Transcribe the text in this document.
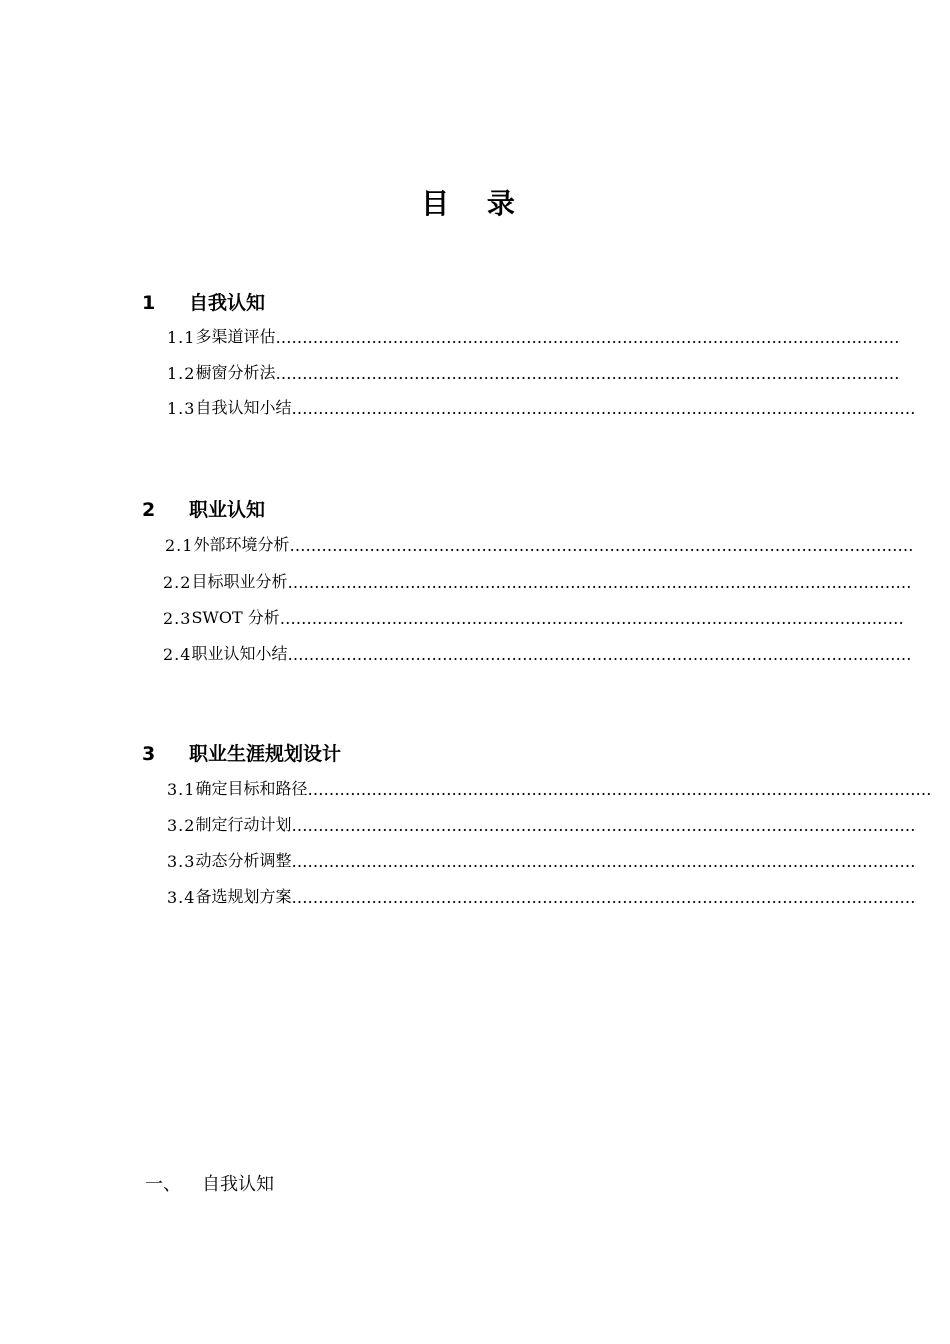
目 录
1 自我认知
1.1 多渠道评估 ………………………………………………………………………………………………………
1.2 橱窗分析法 ………………………………………………………………………………………………………
1.3 自我认知小结 ………………………………………………………………………………………………………
2 职业认知
2.1 外部环境分析 ………………………………………………………………………………………………………
2.2 目标职业分析 ………………………………………………………………………………………………………
2.3 SWOT 分析 ………………………………………………………………………………………………………
2.4 职业认知小结 ………………………………………………………………………………………………………
3 职业生涯规划设计
3.1 确定目标和路径 ………………………………………………………………………………………………………
3.2 制定行动计划 ………………………………………………………………………………………………………
3.3 动态分析调整 ………………………………………………………………………………………………………
3.4 备选规划方案 ………………………………………………………………………………………………………
一、 自我认知
